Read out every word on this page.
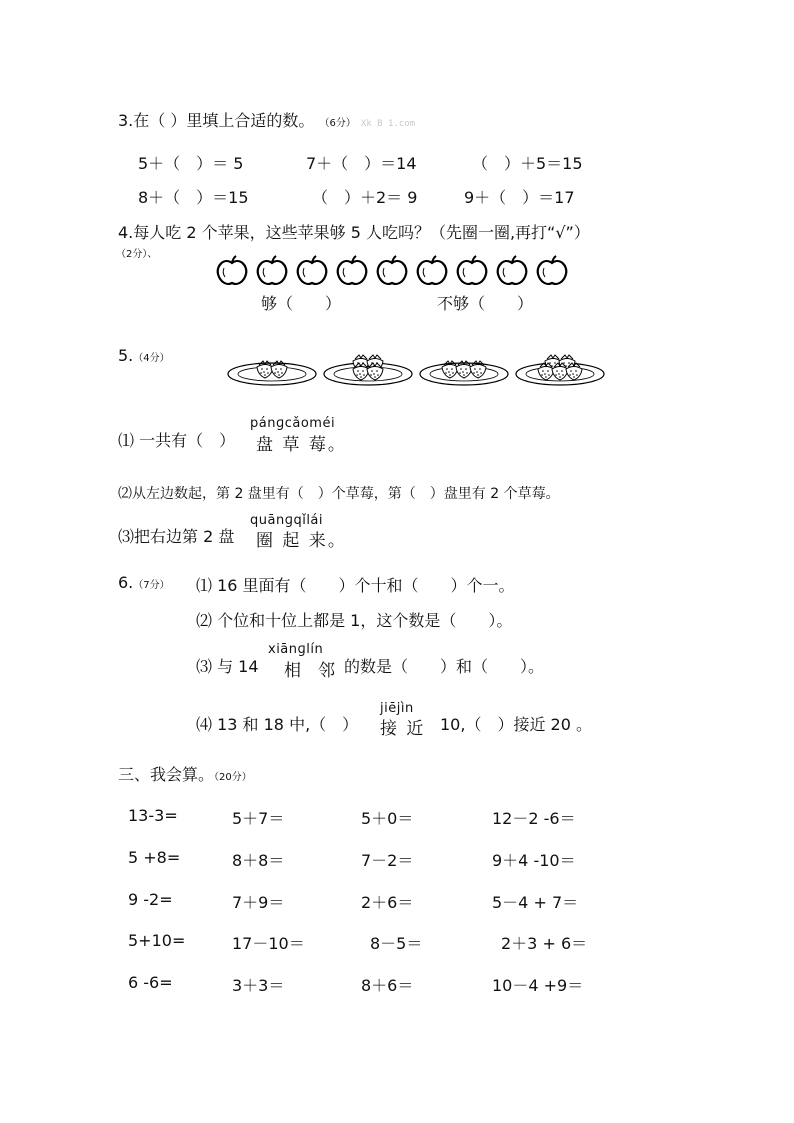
3.在（ ）里填上合适的数。 （6分） Xk B 1.com
5＋（　）＝ 5	7＋（　）＝14	（　）＋5＝15
8＋（　）＝15	（　）＋2＝ 9	9＋（　）＝17
4.每人吃 2 个苹果，这些苹果够 5 人吃吗？（先圈一圈,再打“√”）
（2分）、
够（　　）	不够（　　）
5.（4分）
⑴ 一共有（　）
pánɡcǎoméi
盘 草 莓。
⑵从左边数起，第 2 盘里有（　）个草莓，第（　）盘里有 2 个草莓。
⑶把右边第 2 盘
quānɡqǐlái
圈 起 来。
6.（7分） ⑴ 16 里面有（　　）个十和（　　）个一。
⑵ 个位和十位上都是 1，这个数是（　　）。
⑶ 与 14
xiānɡlín
相　邻 的数是（　　）和（　　）。
⑷ 13 和 18 中,（　）
jiējìn
接 近 10,（　）接近 20 。
三、我会算。（20分）
13-3=	5＋7＝	5＋0＝	12－2 -6＝
5 +8=	8＋8＝	7－2＝	9＋4 -10＝
9 -2=	7＋9＝	2＋6＝	5－4 + 7＝
5+10=	17－10＝	8－5＝	2＋3 + 6＝
6 -6=	3＋3＝	8＋6＝	10－4 +9＝
